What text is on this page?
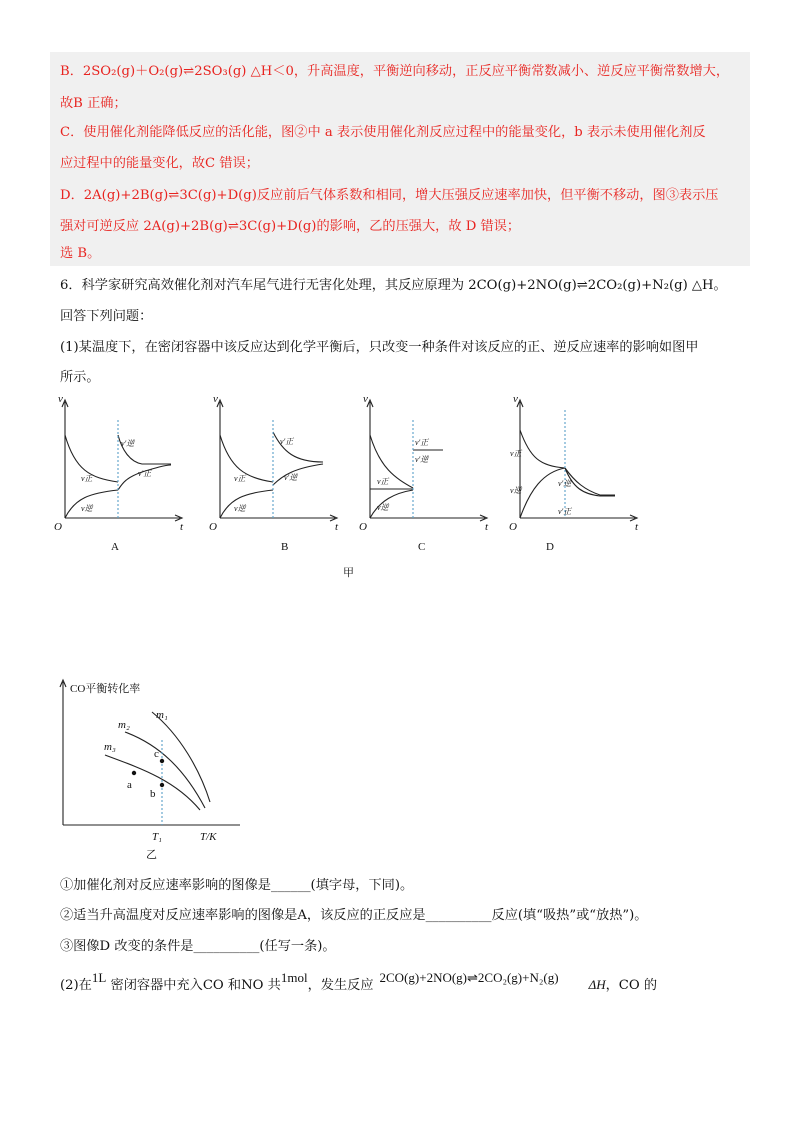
B．2SO₂(g)＋O₂(g)⇌2SO₃(g) △H＜0，升高温度，平衡逆向移动，正反应平衡常数减小、逆反应平衡常数增大，
故B 正确；
C．使用催化剂能降低反应的活化能，图②中 a 表示使用催化剂反应过程中的能量变化，b 表示未使用催化剂反
应过程中的能量变化，故C 错误；
D．2A(g)+2B(g)⇌3C(g)+D(g)反应前后气体系数和相同，增大压强反应速率加快，但平衡不移动，图③表示压
强对可逆反应 2A(g)+2B(g)⇌3C(g)+D(g)的影响，乙的压强大，故 D 错误；
选 B。
6．科学家研究高效催化剂对汽车尾气进行无害化处理，其反应原理为 2CO(g)+2NO(g)⇌2CO₂(g)+N₂(g) △H。
回答下列问题：
(1)某温度下，在密闭容器中该反应达到化学平衡后，只改变一种条件对该反应的正、逆反应速率的影响如图甲
所示。
v
t
O
v
t
O
v
t
O
v
t
O
v'逆
v'正
v正
v逆
v'正
v'逆
v正
v逆
v'正
v'逆
v正
v逆
v正
v逆
v'逆
v'正
A	B	C	D
甲
CO平衡转化率
T/K
T₁
乙
m₁
m₂
m₃
a
b
c
①加催化剂对反应速率影响的图像是______(填字母，下同)。
②适当升高温度对反应速率影响的图像是A，该反应的正反应是__________反应(填“吸热”或“放热”)。
③图像D 改变的条件是__________(任写一条)。
(2)在1L 密闭容器中充入CO 和NO 共1mol，发生反应2CO(g)+2NO(g)⇌2CO₂(g)+N₂(g) ΔH，CO 的
